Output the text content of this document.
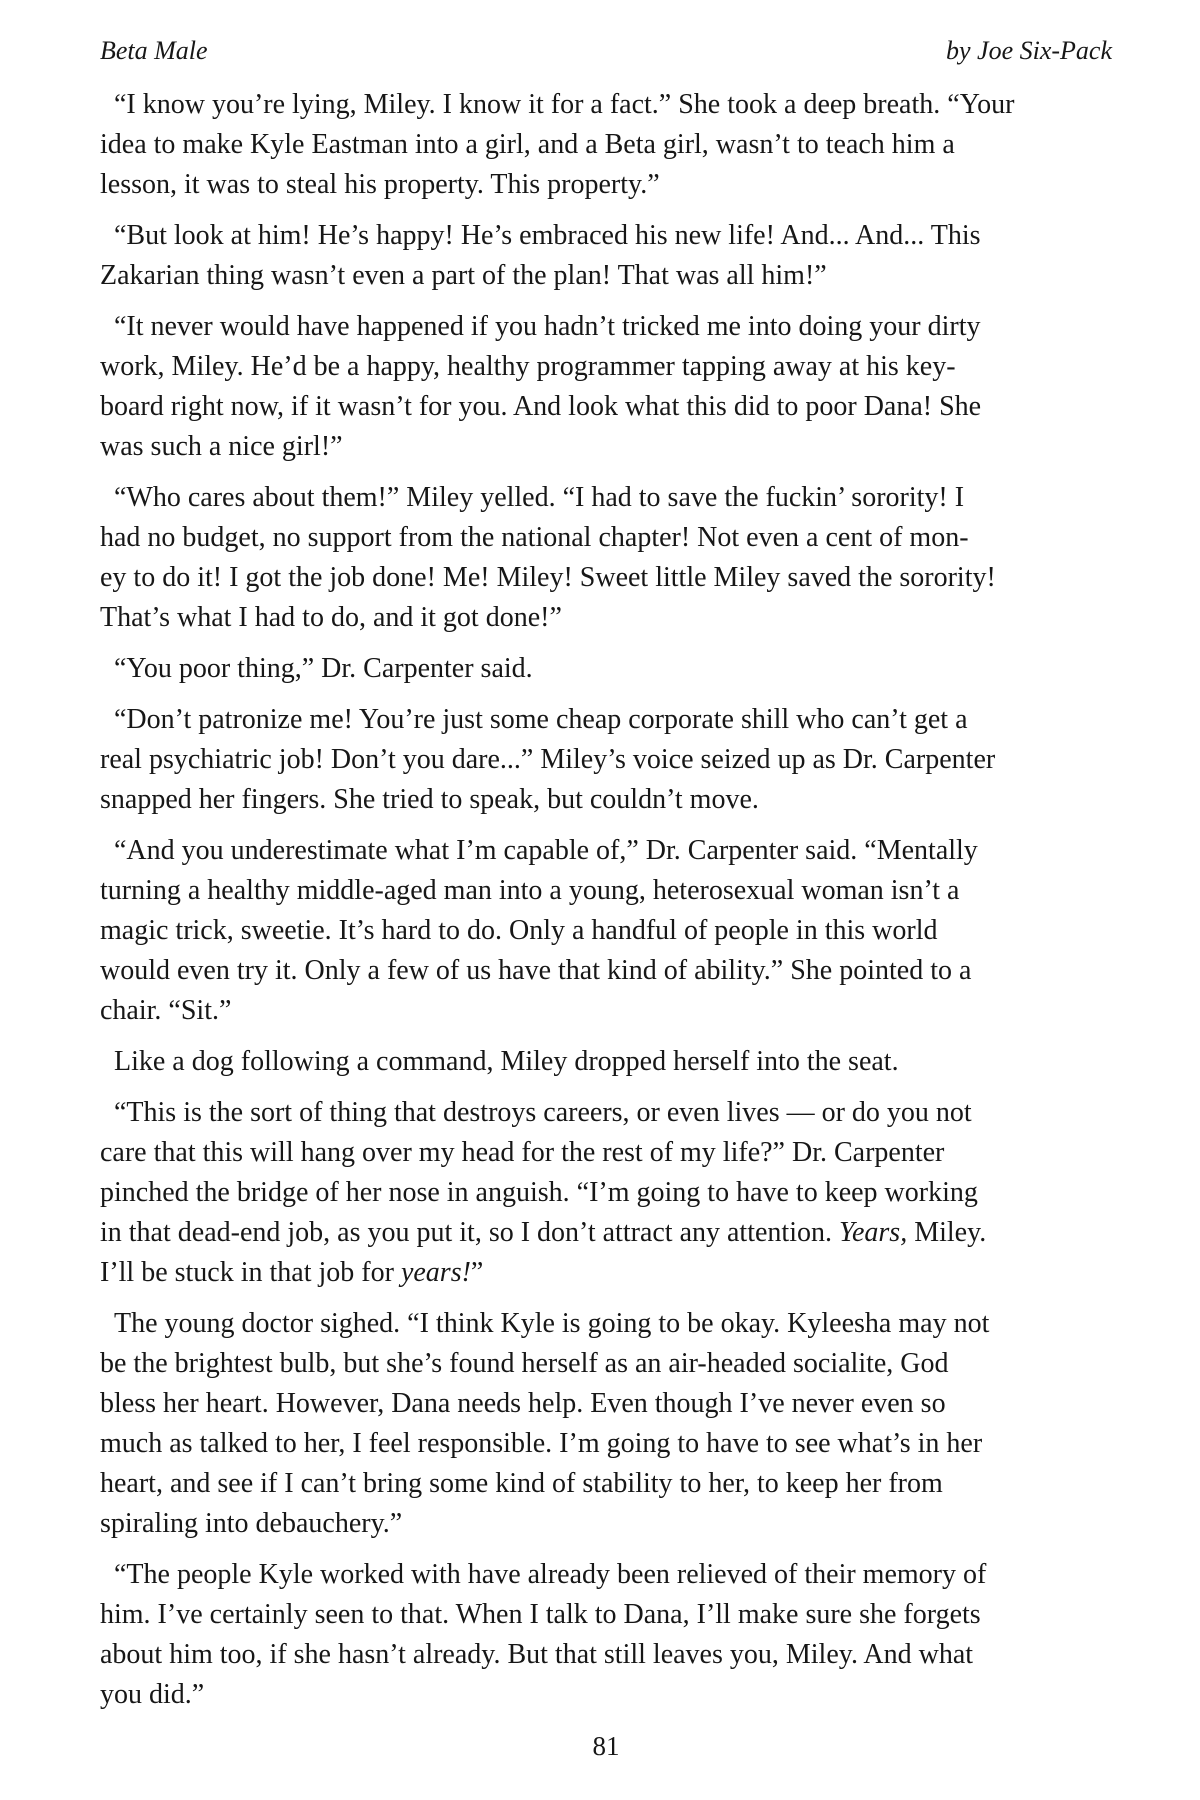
Beta Male	by Joe Six-Pack
“I know you’re lying, Miley. I know it for a fact.” She took a deep breath. “Your
idea to make Kyle Eastman into a girl, and a Beta girl, wasn’t to teach him a
lesson, it was to steal his property. This property.”
“But look at him! He’s happy! He’s embraced his new life! And... And... This
Zakarian thing wasn’t even a part of the plan! That was all him!”
“It never would have happened if you hadn’t tricked me into doing your dirty
work, Miley. He’d be a happy, healthy programmer tapping away at his key-
board right now, if it wasn’t for you. And look what this did to poor Dana! She
was such a nice girl!”
“Who cares about them!” Miley yelled. “I had to save the fuckin’ sorority! I
had no budget, no support from the national chapter! Not even a cent of mon-
ey to do it! I got the job done! Me! Miley! Sweet little Miley saved the sorority!
That’s what I had to do, and it got done!”
“You poor thing,” Dr. Carpenter said.
“Don’t patronize me! You’re just some cheap corporate shill who can’t get a
real psychiatric job! Don’t you dare...” Miley’s voice seized up as Dr. Carpenter
snapped her fingers. She tried to speak, but couldn’t move.
“And you underestimate what I’m capable of,” Dr. Carpenter said. “Mentally
turning a healthy middle-aged man into a young, heterosexual woman isn’t a
magic trick, sweetie. It’s hard to do. Only a handful of people in this world
would even try it. Only a few of us have that kind of ability.” She pointed to a
chair. “Sit.”
Like a dog following a command, Miley dropped herself into the seat.
“This is the sort of thing that destroys careers, or even lives — or do you not
care that this will hang over my head for the rest of my life?” Dr. Carpenter
pinched the bridge of her nose in anguish. “I’m going to have to keep working
in that dead-end job, as you put it, so I don’t attract any attention. Years, Miley.
I’ll be stuck in that job for years!”
The young doctor sighed. “I think Kyle is going to be okay. Kyleesha may not
be the brightest bulb, but she’s found herself as an air-headed socialite, God
bless her heart. However, Dana needs help. Even though I’ve never even so
much as talked to her, I feel responsible. I’m going to have to see what’s in her
heart, and see if I can’t bring some kind of stability to her, to keep her from
spiraling into debauchery.”
“The people Kyle worked with have already been relieved of their memory of
him. I’ve certainly seen to that. When I talk to Dana, I’ll make sure she forgets
about him too, if she hasn’t already. But that still leaves you, Miley. And what
you did.”
81
